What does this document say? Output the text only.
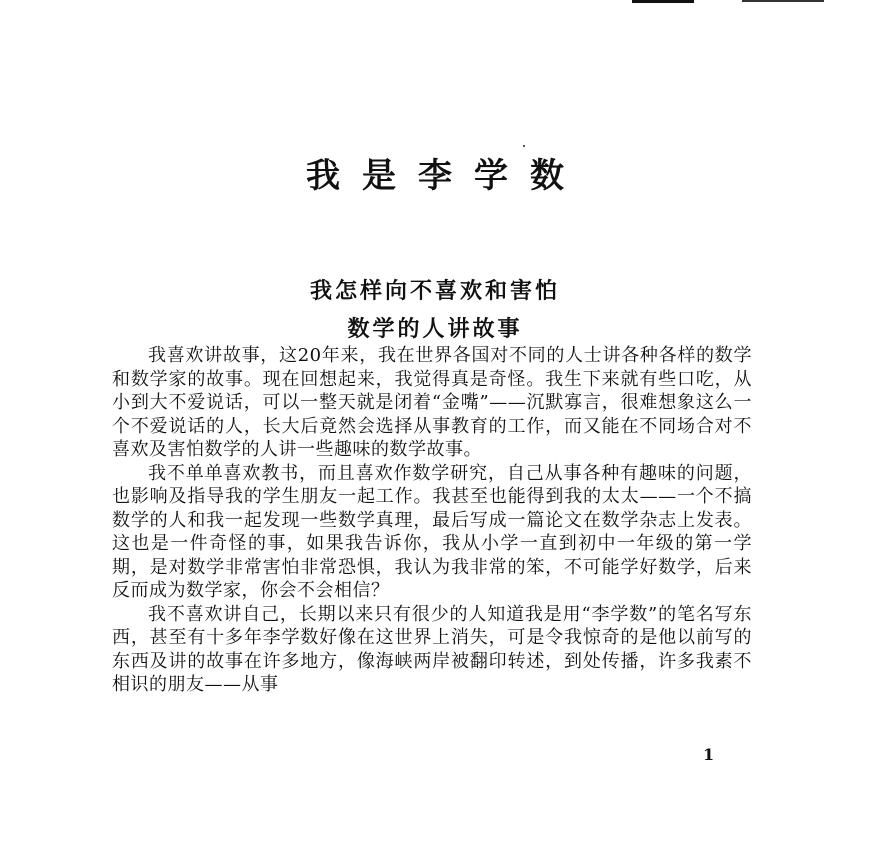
我是李学数
我怎样向不喜欢和害怕
数学的人讲故事

我喜欢讲故事，这20年来，我在世界各国对不同的人士讲各种各样的数学和数学家的故事。现在回想起来，我觉得真是奇怪。我生下来就有些口吃，从小到大不爱说话，可以一整天就是闭着“金嘴”——沉默寡言，很难想象这么一个不爱说话的人，长大后竟然会选择从事教育的工作，而又能在不同场合对不喜欢及害怕数学的人讲一些趣味的数学故事。

我不单单喜欢教书，而且喜欢作数学研究，自己从事各种有趣味的问题，也影响及指导我的学生朋友一起工作。我甚至也能得到我的太太——一个不搞数学的人和我一起发现一些数学真理，最后写成一篇论文在数学杂志上发表。这也是一件奇怪的事，如果我告诉你，我从小学一直到初中一年级的第一学期，是对数学非常害怕非常恐惧，我认为我非常的笨，不可能学好数学，后来反而成为数学家，你会不会相信？

我不喜欢讲自己，长期以来只有很少的人知道我是用“李学数”的笔名写东西，甚至有十多年李学数好像在这世界上消失，可是令我惊奇的是他以前写的东西及讲的故事在许多地方，像海峡两岸被翻印转述，到处传播，许多我素不相识的朋友——从事

1
